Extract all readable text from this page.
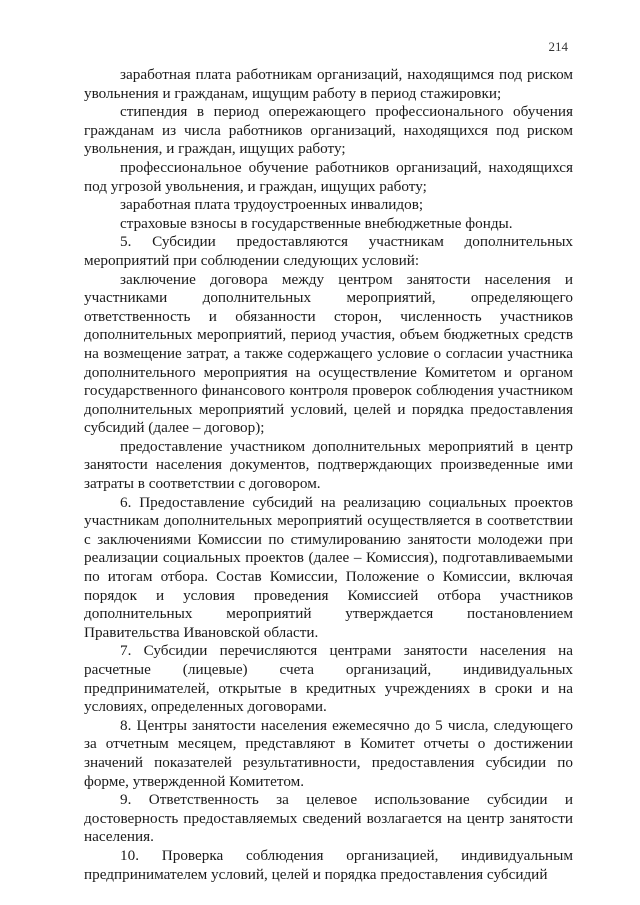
214

заработная плата работникам организаций, находящимся под риском увольнения и гражданам, ищущим работу в период стажировки;

стипендия в период опережающего профессионального обучения гражданам из числа работников организаций, находящихся под риском увольнения, и граждан, ищущих работу;

профессиональное обучение работников организаций, находящихся под угрозой увольнения, и граждан, ищущих работу;

заработная плата трудоустроенных инвалидов;

страховые взносы в государственные внебюджетные фонды.

5. Субсидии предоставляются участникам дополнительных мероприятий при соблюдении следующих условий:

заключение договора между центром занятости населения и участниками дополнительных мероприятий, определяющего ответственность и обязанности сторон, численность участников дополнительных мероприятий, период участия, объем бюджетных средств на возмещение затрат, а также содержащего условие о согласии участника дополнительного мероприятия на осуществление Комитетом и органом государственного финансового контроля проверок соблюдения участником дополнительных мероприятий условий, целей и порядка предоставления субсидий (далее – договор);

предоставление участником дополнительных мероприятий в центр занятости населения документов, подтверждающих произведенные ими затраты в соответствии с договором.

6. Предоставление субсидий на реализацию социальных проектов участникам дополнительных мероприятий осуществляется в соответствии с заключениями Комиссии по стимулированию занятости молодежи при реализации социальных проектов (далее – Комиссия), подготавливаемыми по итогам отбора. Состав Комиссии, Положение о Комиссии, включая порядок и условия проведения Комиссией отбора участников дополнительных мероприятий утверждается постановлением Правительства Ивановской области.

7. Субсидии перечисляются центрами занятости населения на расчетные (лицевые) счета организаций, индивидуальных предпринимателей, открытые в кредитных учреждениях в сроки и на условиях, определенных договорами.

8. Центры занятости населения ежемесячно до 5 числа, следующего за отчетным месяцем, представляют в Комитет отчеты о достижении значений показателей результативности, предоставления субсидии по форме, утвержденной Комитетом.

9. Ответственность за целевое использование субсидии и достоверность предоставляемых сведений возлагается на центр занятости населения.

10. Проверка соблюдения организацией, индивидуальным предпринимателем условий, целей и порядка предоставления субсидий
